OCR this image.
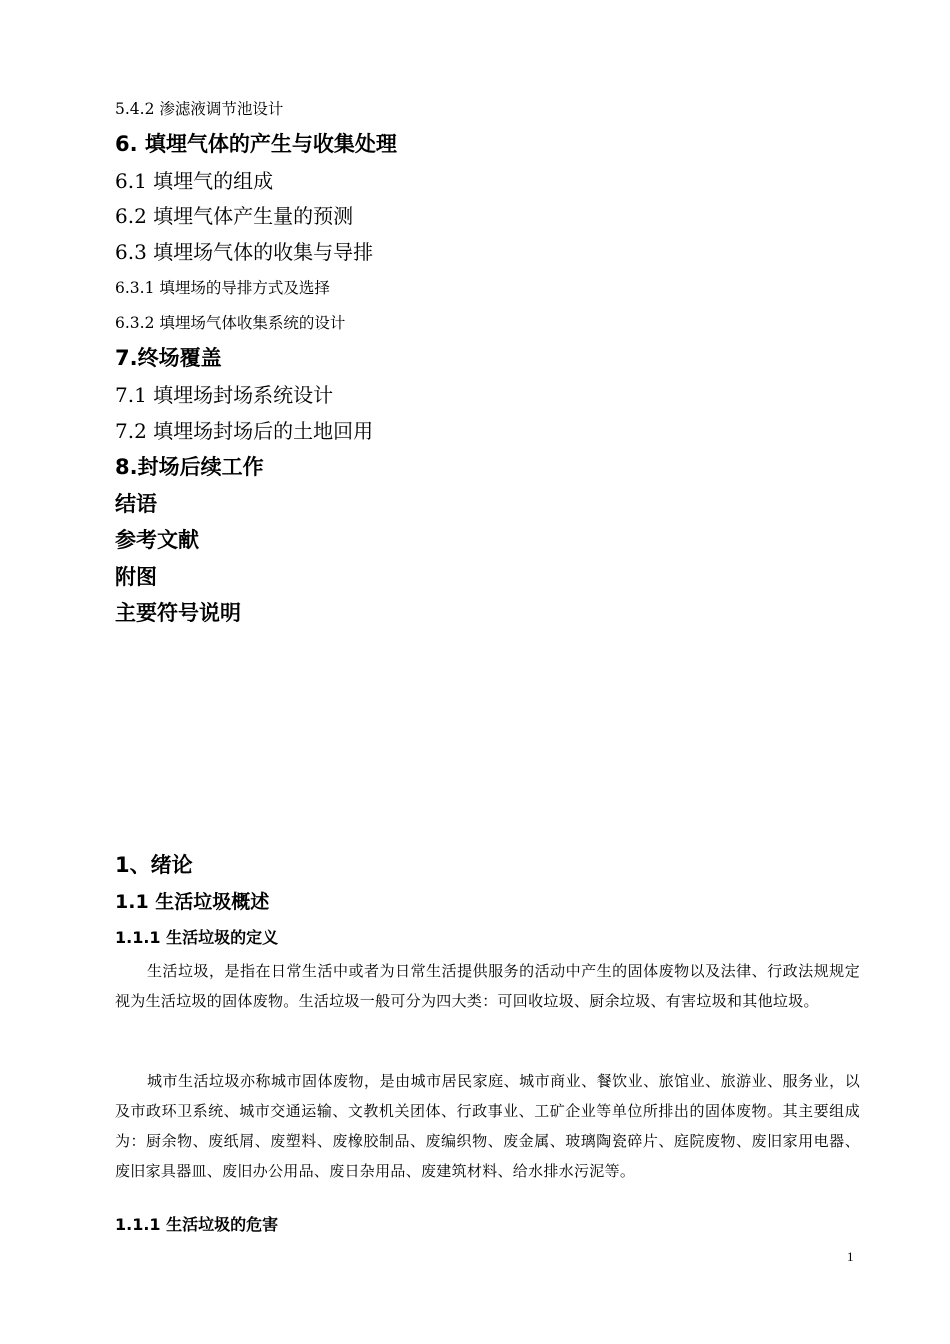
5.4.2 渗滤液调节池设计
6. 填埋气体的产生与收集处理
6.1 填埋气的组成
6.2 填埋气体产生量的预测
6.3 填埋场气体的收集与导排
6.3.1 填埋场的导排方式及选择
6.3.2 填埋场气体收集系统的设计
7.终场覆盖
7.1 填埋场封场系统设计
7.2 填埋场封场后的土地回用
8.封场后续工作
结语
参考文献
附图
主要符号说明
1、绪论
1.1 生活垃圾概述
1.1.1 生活垃圾的定义
生活垃圾，是指在日常生活中或者为日常生活提供服务的活动中产生的固体废物以及法律、行政法规规定视为生活垃圾的固体废物。生活垃圾一般可分为四大类：可回收垃圾、厨余垃圾、有害垃圾和其他垃圾。
城市生活垃圾亦称城市固体废物，是由城市居民家庭、城市商业、餐饮业、旅馆业、旅游业、服务业，以及市政环卫系统、城市交通运输、文教机关团体、行政事业、工矿企业等单位所排出的固体废物。其主要组成为：厨余物、废纸屑、废塑料、废橡胶制品、废编织物、废金属、玻璃陶瓷碎片、庭院废物、废旧家用电器、废旧家具器皿、废旧办公用品、废日杂用品、废建筑材料、给水排水污泥等。
1.1.1 生活垃圾的危害
1
